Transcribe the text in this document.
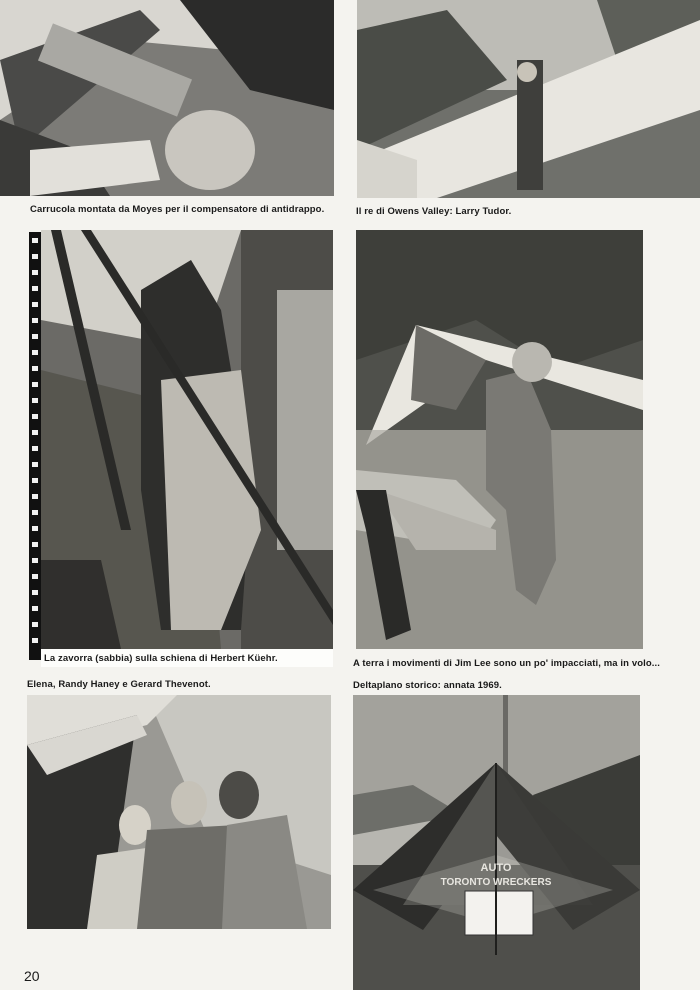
Carrucola montata da Moyes per il compensatore di antidrappo.	Il re di Owens Valley: Larry Tudor.
La zavorra (sabbia) sulla schiena di Herbert Küehr.	A terra i movimenti di Jim Lee sono un po' impacciati, ma in volo...
Elena, Randy Haney e Gerard Thevenot.	Deltaplano storico: annata 1969.
AUTO
TORONTO WRECKERS
20
